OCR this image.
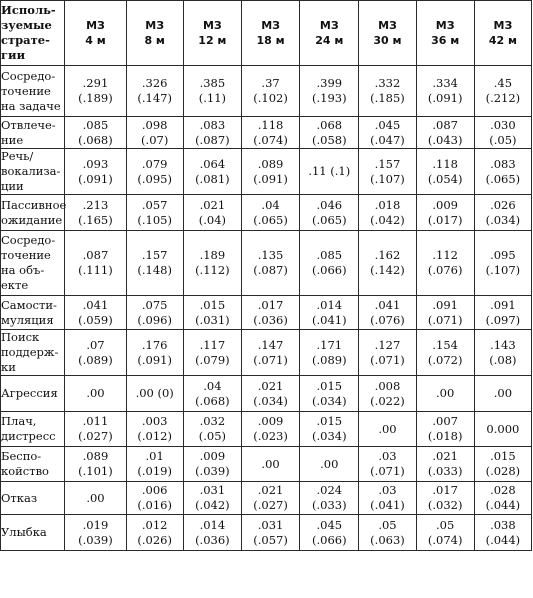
Исполь-
зуемые
страте-
гии	МЗ
4 м	МЗ
8 м	МЗ
12 м	МЗ
18 м	МЗ
24 м	МЗ
30 м	МЗ
36 м	МЗ
42 м

Сосредо-
точение
на задаче	.291
(.189)	.326
(.147)	.385
(.11)	.37
(.102)	.399
(.193)	.332
(.185)	.334
(.091)	.45
(.212)

Отвлече-
ние	.085
(.068)	.098
(.07)	.083
(.087)	.118
(.074)	.068
(.058)	.045
(.047)	.087
(.043)	.030
(.05)

Речь/
вокализа-
ции	.093
(.091)	.079
(.095)	.064
(.081)	.089
(.091)	.11 (.1)	.157
(.107)	.118
(.054)	.083
(.065)

Пассивное
ожидание	.213
(.165)	.057
(.105)	.021
(.04)	.04
(.065)	.046
(.065)	.018
(.042)	.009
(.017)	.026
(.034)

Сосредо-
точение
на объ-
екте	.087
(.111)	.157
(.148)	.189
(.112)	.135
(.087)	.085
(.066)	.162
(.142)	.112
(.076)	.095
(.107)

Самости-
муляция	.041
(.059)	.075
(.096)	.015
(.031)	.017
(.036)	.014
(.041)	.041
(.076)	.091
(.071)	.091
(.097)

Поиск
поддерж-
ки	.07
(.089)	.176
(.091)	.117
(.079)	.147
(.071)	.171
(.089)	.127
(.071)	.154
(.072)	.143
(.08)

Агрессия	.00	.00 (0)	.04
(.068)	.021
(.034)	.015
(.034)	.008
(.022)	.00	.00

Плач,
дистресс	.011
(.027)	.003
(.012)	.032
(.05)	.009
(.023)	.015
(.034)	.00	.007
(.018)	0.000

Беспо-
койство	.089
(.101)	.01
(.019)	.009
(.039)	.00	.00	.03
(.071)	.021
(.033)	.015
(.028)

Отказ	.00	.006
(.016)	.031
(.042)	.021
(.027)	.024
(.033)	.03
(.041)	.017
(.032)	.028
(.044)

Улыбка	.019
(.039)	.012
(.026)	.014
(.036)	.031
(.057)	.045
(.066)	.05
(.063)	.05
(.074)	.038
(.044)
